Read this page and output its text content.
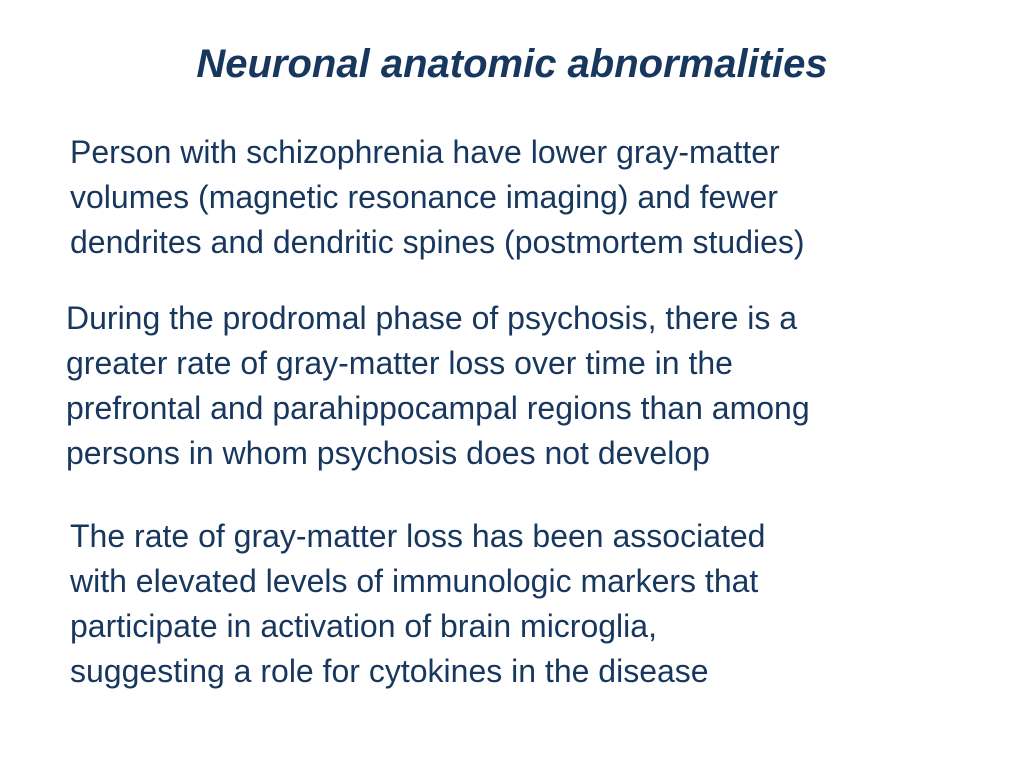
Neuronal anatomic abnormalities

Person with schizophrenia have lower gray-matter
volumes (magnetic resonance imaging) and fewer
dendrites and dendritic spines (postmortem studies)

During the prodromal phase of psychosis, there is a
greater rate of gray-matter loss over time in the
prefrontal and parahippocampal regions than among
persons in whom psychosis does not develop

The rate of gray-matter loss has been associated
with elevated levels of immunologic markers that
participate in activation of brain microglia,
suggesting a role for cytokines in the disease
